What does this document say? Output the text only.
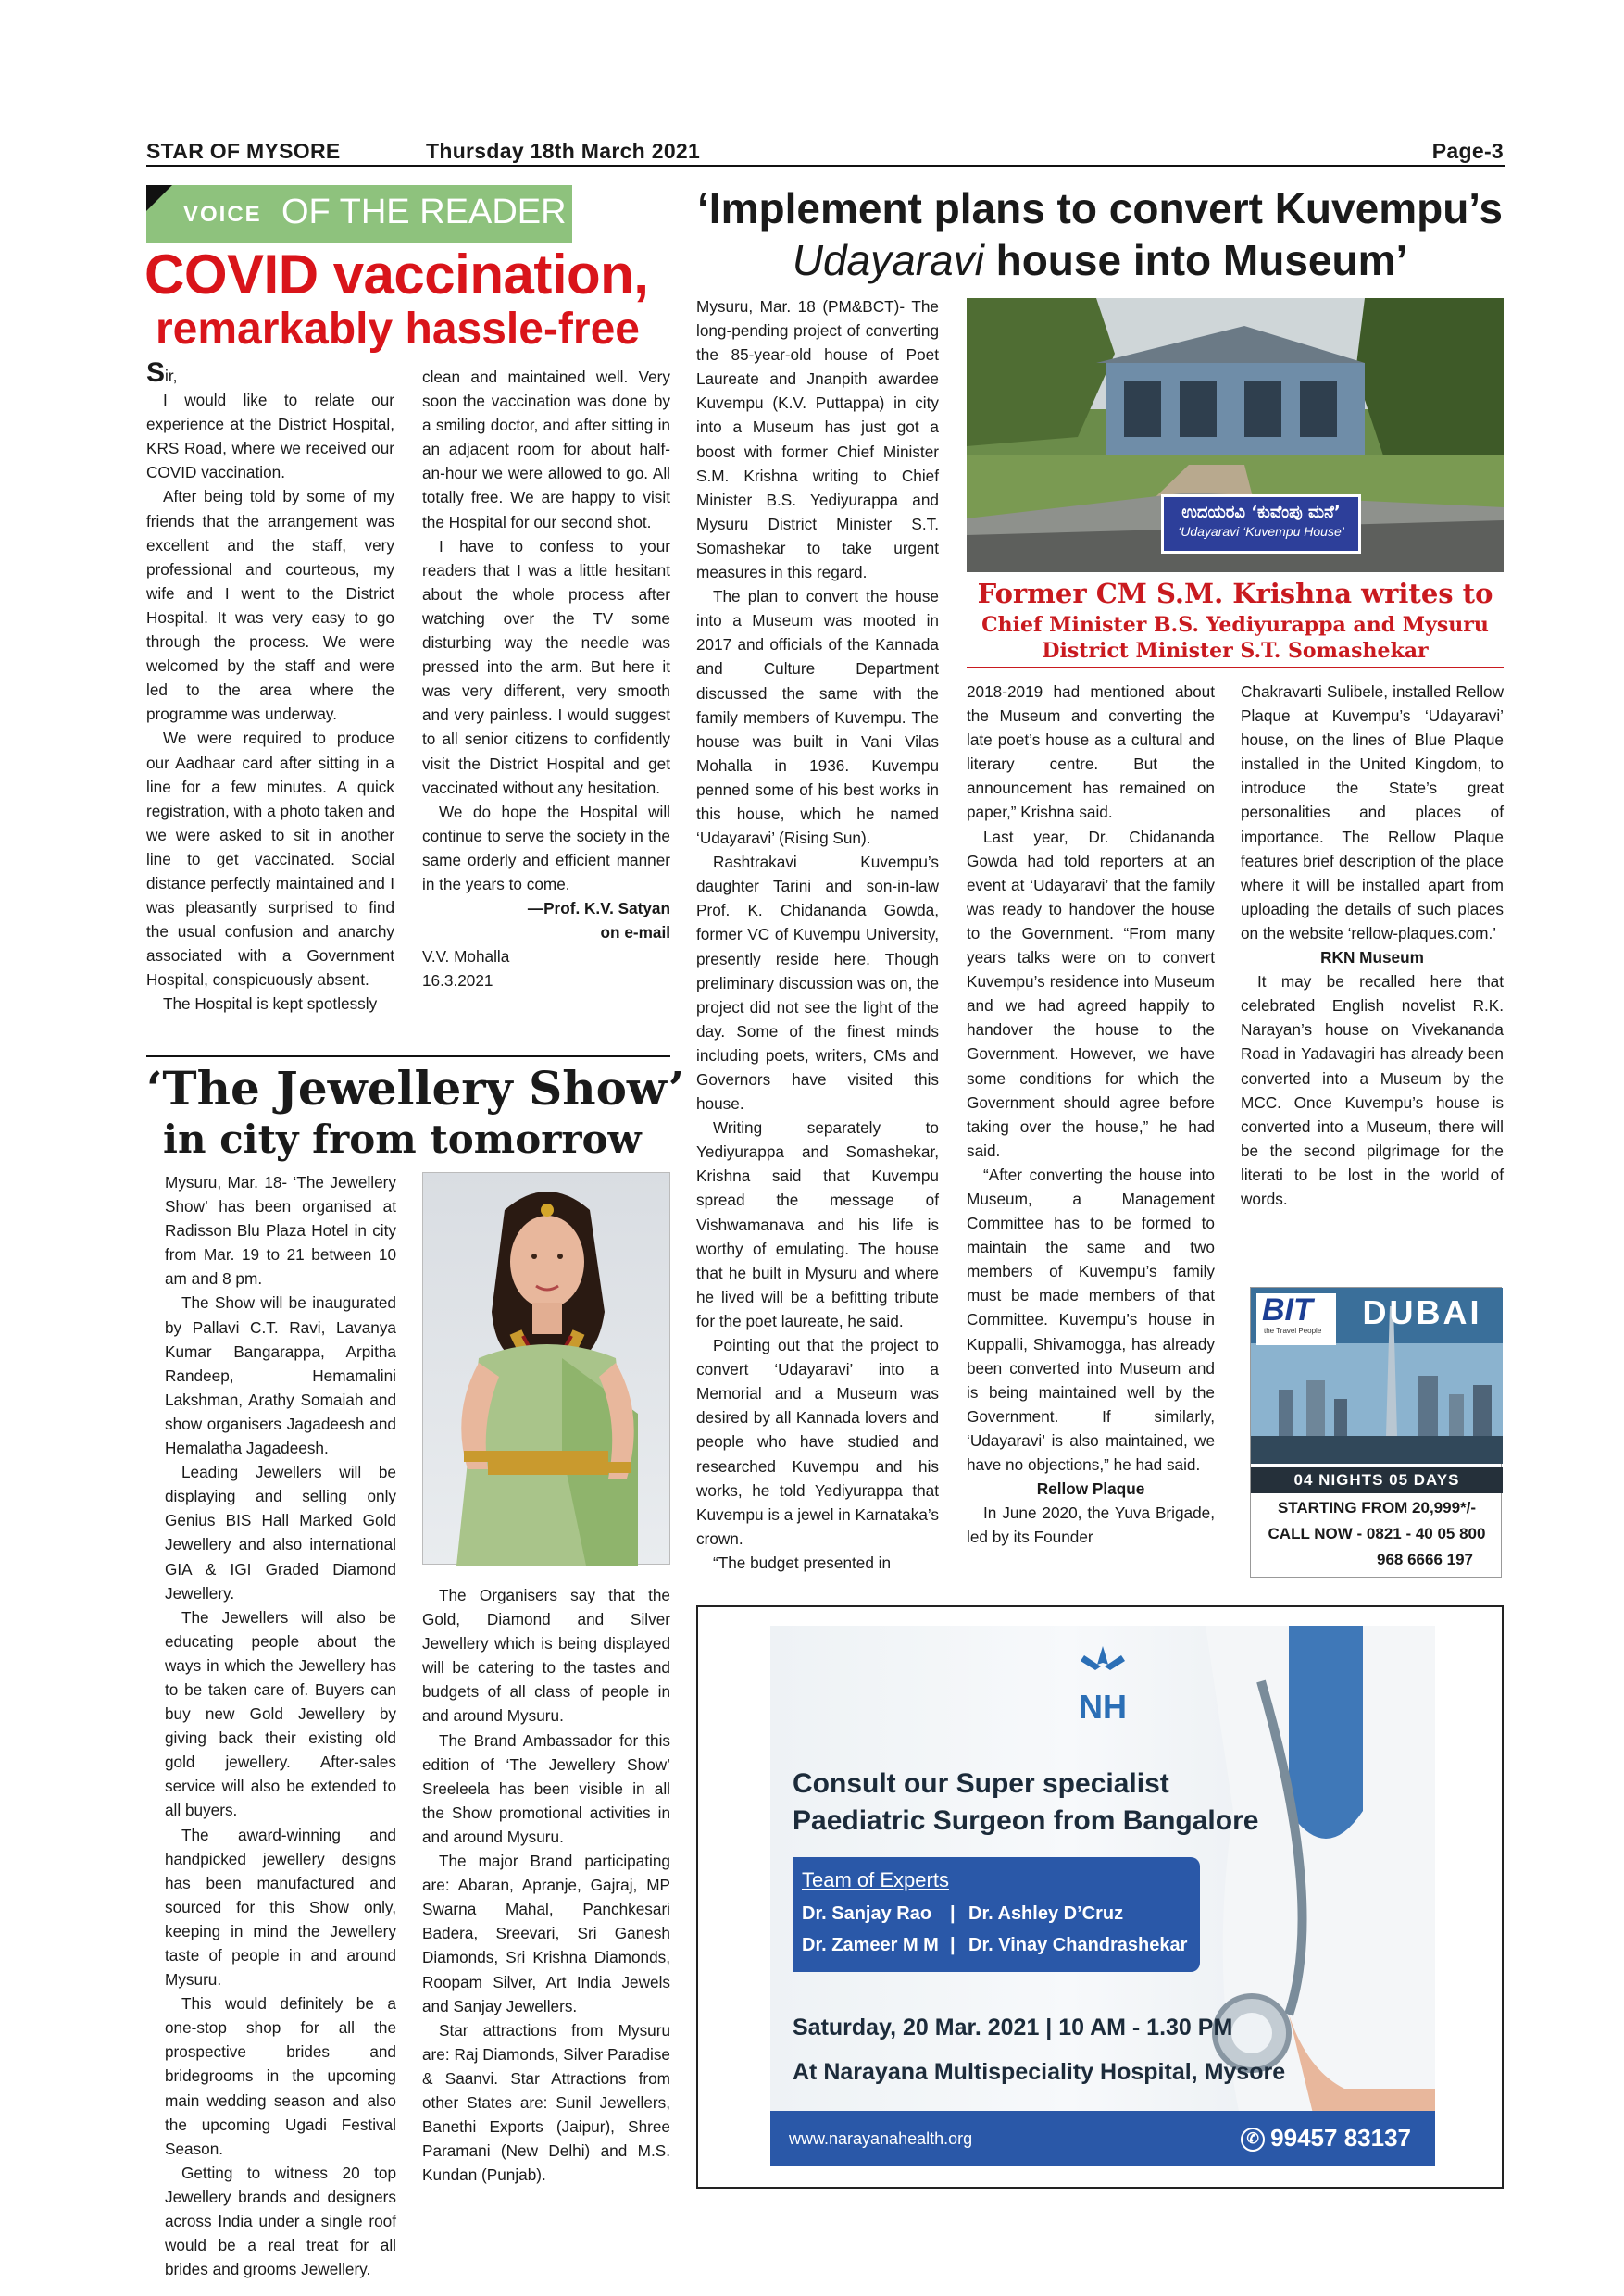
STAR OF MYSORE	Thursday 18th March 2021	Page-3
VOICE OF THE READER
COVID vaccination,
remarkably hassle-free

Sir,

I would like to relate our experience at the District Hospital, KRS Road, where we received our COVID vaccination.

After being told by some of my friends that the arrangement was excellent and the staff, very professional and courteous, my wife and I went to the District Hospital. It was very easy to go through the process. We were welcomed by the staff and were led to the area where the programme was underway.

We were required to produce our Aadhaar card after sitting in a line for a few minutes. A quick registration, with a photo taken and we were asked to sit in another line to get vaccinated. Social distance perfectly maintained and I was pleasantly surprised to find the usual confusion and anarchy associated with a Government Hospital, conspicuously absent.

The Hospital is kept spotlessly

clean and maintained well. Very soon the vaccination was done by a smiling doctor, and after sitting in an adjacent room for about half-an-hour we were allowed to go. All totally free. We are happy to visit the Hospital for our second shot.

I have to confess to your readers that I was a little hesitant about the whole process after watching over the TV some disturbing way the needle was pressed into the arm. But here it was very different, very smooth and very painless. I would suggest to all senior citizens to confidently visit the District Hospital and get vaccinated without any hesitation.

We do hope the Hospital will continue to serve the society in the same orderly and efficient manner in the years to come.

—Prof. K.V. Satyan

on e-mail

V.V. Mohalla

16.3.2021

‘The Jewellery Show’
in city from tomorrow

Mysuru, Mar. 18- ‘The Jewellery Show’ has been organised at Radisson Blu Plaza Hotel in city from Mar. 19 to 21 between 10 am and 8 pm.

The Show will be inaugurated by Pallavi C.T. Ravi, Lavanya Kumar Bangarappa, Arpitha Randeep, Hemamalini Lakshman, Arathy Somaiah and show organisers Jagadeesh and Hemalatha Jagadeesh.

Leading Jewellers will be displaying and selling only Genius BIS Hall Marked Gold Jewellery and also international GIA & IGI Graded Diamond Jewellery.

The Jewellers will also be educating people about the ways in which the Jewellery has to be taken care of. Buyers can buy new Gold Jewellery by giving back their existing old gold jewellery. After-sales service will also be extended to all buyers.

The award-winning and handpicked jewellery designs has been manufactured and sourced for this Show only, keeping in mind the Jewellery taste of people in and around Mysuru.

This would definitely be a one-stop shop for all the prospective brides and bridegrooms in the upcoming main wedding season and also the upcoming Ugadi Festival Season.

Getting to witness 20 top Jewellery brands and designers across India under a single roof would be a real treat for all brides and grooms Jewellery.

The Organisers say that the Gold, Diamond and Silver Jewellery which is being displayed will be catering to the tastes and budgets of all class of people in and around Mysuru.

The Brand Ambassador for this edition of ‘The Jewellery Show’ Sreeleela has been visible in all the Show promotional activities in and around Mysuru.

The major Brand participating are: Abaran, Apranje, Gajraj, MP Swarna Mahal, Panchkesari Badera, Sreevari, Sri Ganesh Diamonds, Sri Krishna Diamonds, Roopam Silver, Art India Jewels and Sanjay Jewellers.

Star attractions from Mysuru are: Raj Diamonds, Silver Paradise & Saanvi. Star Attractions from other States are: Sunil Jewellers, Banethi Exports (Jaipur), Shree Paramani (New Delhi) and M.S. Kundan (Punjab).

‘Implement plans to convert Kuvempu’s
Udayaravi house into Museum’

Mysuru, Mar. 18 (PM&BCT)- The long-pending project of converting the 85-year-old house of Poet Laureate and Jnanpith awardee Kuvempu (K.V. Puttappa) in city into a Museum has just got a boost with former Chief Minister S.M. Krishna writing to Chief Minister B.S. Yediyurappa and Mysuru District Minister S.T. Somashekar to take urgent measures in this regard.

The plan to convert the house into a Museum was mooted in 2017 and officials of the Kannada and Culture Department discussed the same with the family members of Kuvempu. The house was built in Vani Vilas Mohalla in 1936. Kuvempu penned some of his best works in this house, which he named ‘Udayaravi’ (Rising Sun).

Rashtrakavi Kuvempu’s daughter Tarini and son-in-law Prof. K. Chidananda Gowda, former VC of Kuvempu University, presently reside here. Though preliminary discussion was on, the project did not see the light of the day. Some of the finest minds including poets, writers, CMs and Governors have visited this house.

Writing separately to Yediyurappa and Somashekar, Krishna said that Kuvempu spread the message of Vishwamanava and his life is worthy of emulating. The house that he built in Mysuru and where he lived will be a befitting tribute for the poet laureate, he said.

Pointing out that the project to convert ‘Udayaravi’ into a Memorial and a Museum was desired by all Kannada lovers and people who have studied and researched Kuvempu and his works, he told Yediyurappa that Kuvempu is a jewel in Karnataka’s crown.

“The budget presented in

ಉದಯರವಿ ‘ಕುವೆಂಪು ಮನೆ’
‘Udayaravi ‘Kuvempu House’
Former CM S.M. Krishna writes to
Chief Minister B.S. Yediyurappa and Mysuru
District Minister S.T. Somashekar

2018-2019 had mentioned about the Museum and converting the late poet’s house as a cultural and literary centre. But the announcement has remained on paper,” Krishna said.

Last year, Dr. Chidananda Gowda had told reporters at an event at ‘Udayaravi’ that the family was ready to handover the house to the Government. “From many years talks were on to convert Kuvempu’s residence into Museum and we had agreed happily to handover the house to the Government. However, we have some conditions for which the Government should agree before taking over the house,” he had said.

“After converting the house into Museum, a Management Committee has to be formed to maintain the same and two members of Kuvempu’s family must be made members of that Committee. Kuvempu’s house in Kuppalli, Shivamogga, has already been converted into Museum and is being maintained well by the Government. If similarly, ‘Udayaravi’ is also maintained, we have no objections,” he had said.

Rellow Plaque

In June 2020, the Yuva Brigade, led by its Founder

Chakravarti Sulibele, installed Rellow Plaque at Kuvempu’s ‘Udayaravi’ house, on the lines of Blue Plaque installed in the United Kingdom, to introduce the State’s great personalities and places of importance. The Rellow Plaque features brief description of the place where it will be installed apart from uploading the details of such places on the website ‘rellow-plaques.com.’

RKN Museum

It may be recalled here that celebrated English novelist R.K. Narayan’s house on Vivekananda Road in Yadavagiri has already been converted into a Museum by the MCC. Once Kuvempu’s house is converted into a Museum, there will be the second pilgrimage for the literati to be lost in the world of words.

BIT
the Travel People	DUBAI
04 NIGHTS 05 DAYS
STARTING FROM 20,999*/-
CALL NOW - 0821 - 40 05 800
968 6666 197
NH
Consult our Super specialist
Paediatric Surgeon from Bangalore
Team of Experts
Dr. Sanjay Rao | Dr. Ashley D’Cruz
Dr. Zameer M M | Dr. Vinay Chandrashekar
Saturday, 20 Mar. 2021 | 10 AM - 1.30 PM
At Narayana Multispeciality Hospital, Mysore
www.narayanahealth.org	✆ 99457 83137
